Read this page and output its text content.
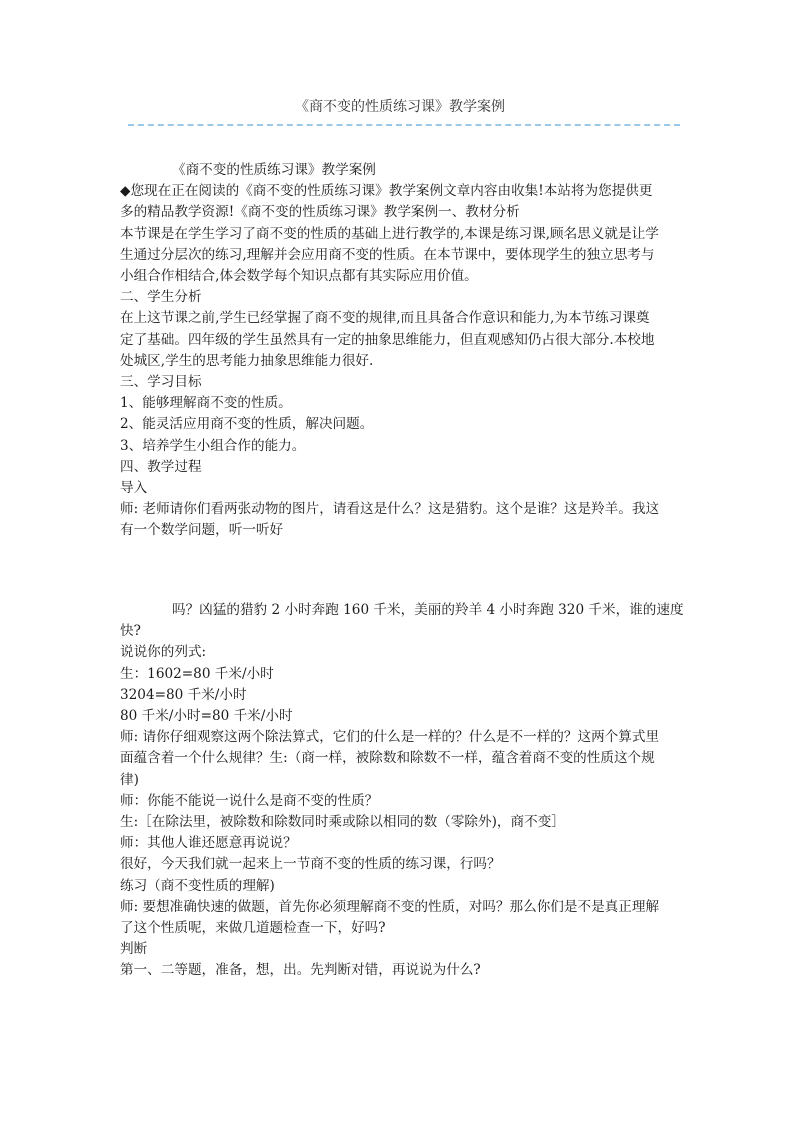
《商不变的性质练习课》教学案例
《商不变的性质练习课》教学案例
◆您现在正在阅读的《商不变的性质练习课》教学案例文章内容由收集!本站将为您提供更
多的精品教学资源!《商不变的性质练习课》教学案例一、教材分析
本节课是在学生学习了商不变的性质的基础上进行教学的,本课是练习课,顾名思义就是让学
生通过分层次的练习,理解并会应用商不变的性质。在本节课中，要体现学生的独立思考与
小组合作相结合,体会数学每个知识点都有其实际应用价值。
二、学生分析
在上这节课之前,学生已经掌握了商不变的规律,而且具备合作意识和能力,为本节练习课奠
定了基础。四年级的学生虽然具有一定的抽象思维能力，但直观感知仍占很大部分.本校地
处城区,学生的思考能力抽象思维能力很好.
三、学习目标
1、能够理解商不变的性质。
2、能灵活应用商不变的性质，解决问题。
3、培养学生小组合作的能力。
四、教学过程
导入
师: 老师请你们看两张动物的图片，请看这是什么？这是猎豹。这个是谁？这是羚羊。我这
有一个数学问题，听一听好
吗？凶猛的猎豹 2 小时奔跑 160 千米，美丽的羚羊 4 小时奔跑 320 千米，谁的速度
快?
说说你的列式:
生：1602=80 千米/小时
3204=80 千米/小时
80 千米/小时=80 千米/小时
师: 请你仔细观察这两个除法算式，它们的什么是一样的？什么是不一样的？这两个算式里
面蕴含着一个什么规律？生:（商一样，被除数和除数不一样，蕴含着商不变的性质这个规
律)
师：你能不能说一说什么是商不变的性质？
生:［在除法里，被除数和除数同时乘或除以相同的数（零除外)，商不变］
师：其他人谁还愿意再说说？
很好，今天我们就一起来上一节商不变的性质的练习课，行吗？
练习（商不变性质的理解)
师: 要想准确快速的做题，首先你必须理解商不变的性质，对吗？那么你们是不是真正理解
了这个性质呢，来做几道题检查一下，好吗?
判断
第一、二等题，准备，想，出。先判断对错，再说说为什么?
